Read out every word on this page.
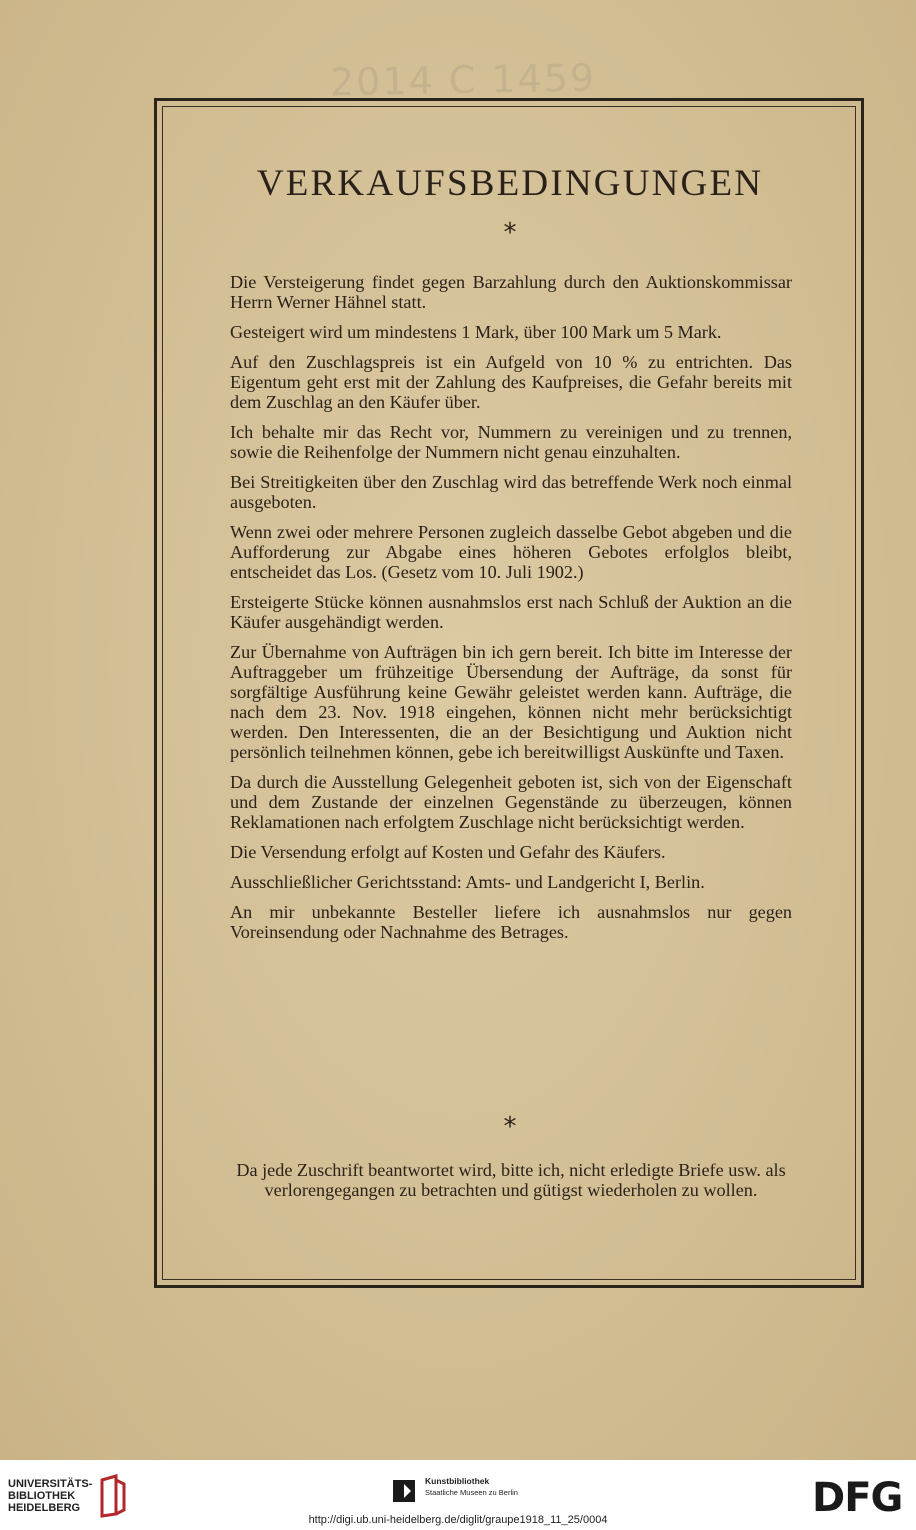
2014 C 1459
VERKAUFSBEDINGUNGEN
*

Die Versteigerung findet gegen Barzahlung durch den Auktionskommissar Herrn Werner Hähnel statt.

Gesteigert wird um mindestens 1 Mark, über 100 Mark um 5 Mark.

Auf den Zuschlagspreis ist ein Aufgeld von 10 % zu entrichten. Das Eigentum geht erst mit der Zahlung des Kaufpreises, die Gefahr bereits mit dem Zuschlag an den Käufer über.

Ich behalte mir das Recht vor, Nummern zu vereinigen und zu trennen, sowie die Reihenfolge der Nummern nicht genau einzuhalten.

Bei Streitigkeiten über den Zuschlag wird das betreffende Werk noch einmal ausgeboten.

Wenn zwei oder mehrere Personen zugleich dasselbe Gebot abgeben und die Aufforderung zur Abgabe eines höheren Gebotes erfolglos bleibt, entscheidet das Los. (Gesetz vom 10. Juli 1902.)

Ersteigerte Stücke können ausnahmslos erst nach Schluß der Auktion an die Käufer ausgehändigt werden.

Zur Übernahme von Aufträgen bin ich gern bereit. Ich bitte im Interesse der Auftraggeber um frühzeitige Übersendung der Aufträge, da sonst für sorgfältige Ausführung keine Gewähr geleistet werden kann. Aufträge, die nach dem 23. Nov. 1918 eingehen, können nicht mehr berücksichtigt werden. Den Interessenten, die an der Besichtigung und Auktion nicht persönlich teilnehmen können, gebe ich bereitwilligst Auskünfte und Taxen.

Da durch die Ausstellung Gelegenheit geboten ist, sich von der Eigenschaft und dem Zustande der einzelnen Gegenstände zu überzeugen, können Reklamationen nach erfolgtem Zuschlage nicht berücksichtigt werden.

Die Versendung erfolgt auf Kosten und Gefahr des Käufers.

Ausschließlicher Gerichtsstand: Amts- und Landgericht I, Berlin.

An mir unbekannte Besteller liefere ich ausnahmslos nur gegen Voreinsendung oder Nachnahme des Betrages.

*
Da jede Zuschrift beantwortet wird, bitte ich, nicht erledigte Briefe usw. als verlorengegangen zu betrachten und gütigst wiederholen zu wollen.
UNIVERSITÄTS-
BIBLIOTHEK
HEIDELBERG
Kunstbibliothek
Staatliche Museen zu Berlin	DFG
http://digi.ub.uni-heidelberg.de/diglit/graupe1918_11_25/0004
